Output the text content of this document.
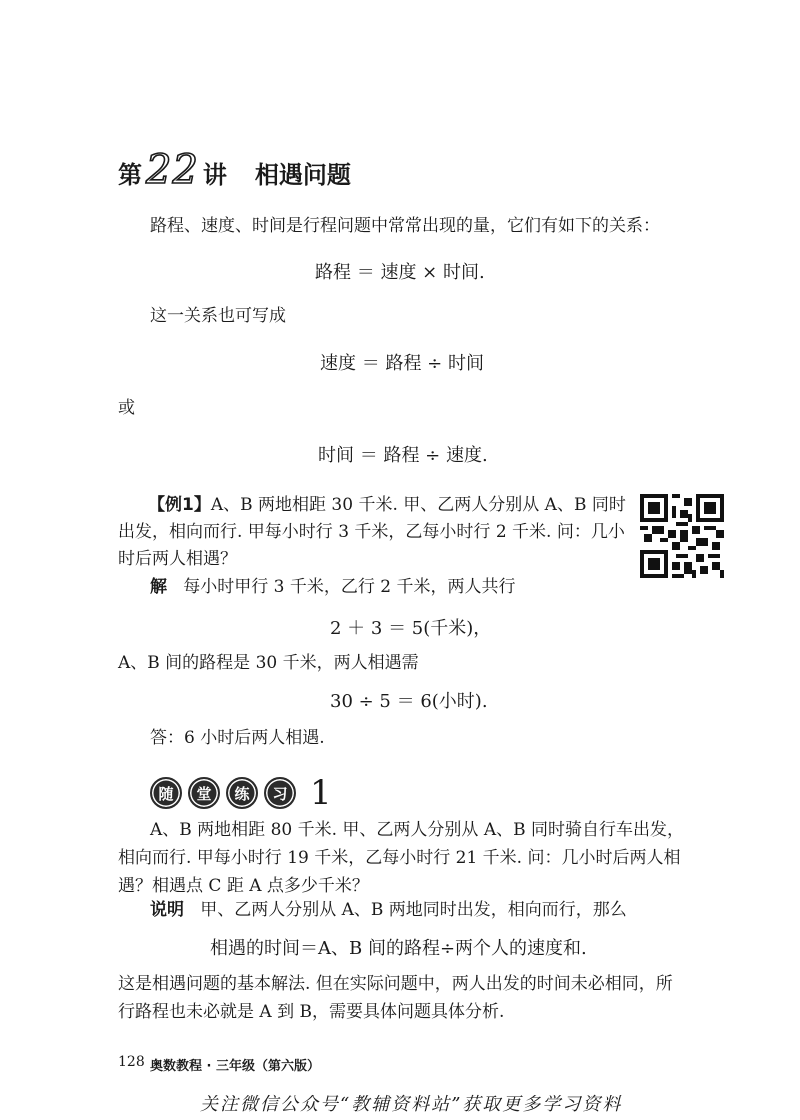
第 22 讲 相遇问题
路程、速度、时间是行程问题中常常出现的量，它们有如下的关系：
路程 ＝ 速度 × 时间.
这一关系也可写成
速度 ＝ 路程 ÷ 时间
或
时间 ＝ 路程 ÷ 速度.
【例1】A、B 两地相距 30 千米. 甲、乙两人分别从 A、B 同时出发，相向而行. 甲每小时行 3 千米，乙每小时行 2 千米. 问：几小时后两人相遇？
解 每小时甲行 3 千米，乙行 2 千米，两人共行
2 ＋ 3 ＝ 5(千米)，
A、B 间的路程是 30 千米，两人相遇需
30 ÷ 5 ＝ 6(小时).
答：6 小时后两人相遇.
随	堂	练	习 1
A、B 两地相距 80 千米. 甲、乙两人分别从 A、B 同时骑自行车出发，相向而行. 甲每小时行 19 千米，乙每小时行 21 千米. 问：几小时后两人相遇？相遇点 C 距 A 点多少千米？
说明 甲、乙两人分别从 A、B 两地同时出发，相向而行，那么
相遇的时间＝A、B 间的路程÷两个人的速度和.
这是相遇问题的基本解法. 但在实际问题中，两人出发的时间未必相同，所行路程也未必就是 A 到 B，需要具体问题具体分析.
128 奥数教程 · 三年级（第六版）
关注微信公众号“教辅资料站”获取更多学习资料
